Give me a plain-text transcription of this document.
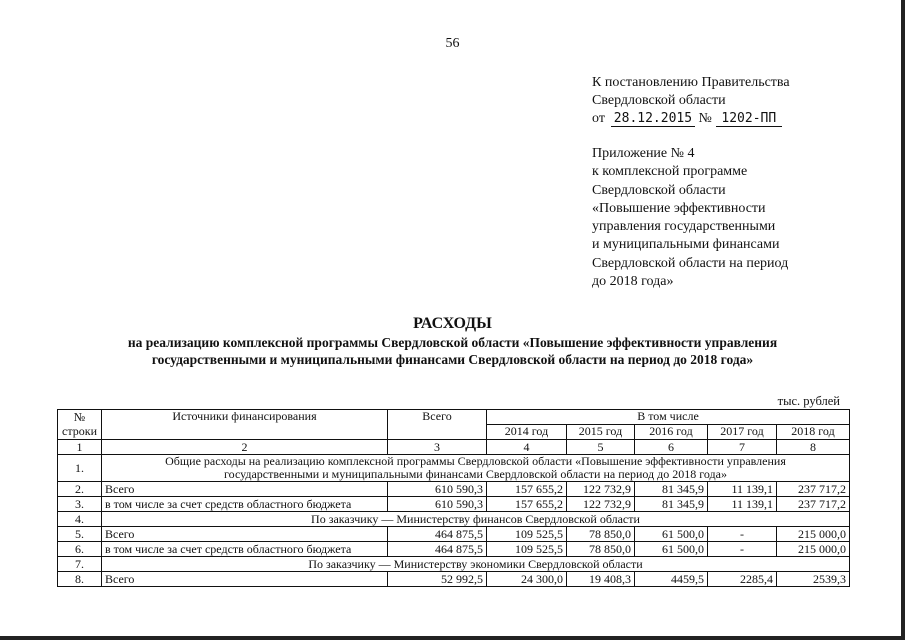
56
К постановлению Правительства
Свердловской области
от 28.12.2015 № 1202-ПП
Приложение № 4
к комплексной программе
Свердловской области
«Повышение эффективности
управления государственными
и муниципальными финансами
Свердловской области на период
до 2018 года»
РАСХОДЫ
на реализацию комплексной программы Свердловской области «Повышение эффективности управления
государственными и муниципальными финансами Свердловской области на период до 2018 года»
тыс. рублей
№ строки	Источники финансирования	Всего	В том числе				
			2014 год	2015 год	2016 год	2017 год	2018 год
1	2	3	4	5	6	7	8
1.	Общие расходы на реализацию комплексной программы Свердловской области «Повышение эффективности управления
государственными и муниципальными финансами Свердловской области на период до 2018 года»						

2.	Всего	610 590,3	157 655,2	122 732,9	81 345,9	11 139,1	237 717,2
3.	в том числе за счет средств областного бюджета	610 590,3	157 655,2	122 732,9	81 345,9	11 139,1	237 717,2
4.	По заказчику — Министерству финансов Свердловской области						

5.	Всего	464 875,5	109 525,5	78 850,0	61 500,0	-	215 000,0
6.	в том числе за счет средств областного бюджета	464 875,5	109 525,5	78 850,0	61 500,0	-	215 000,0
7.	По заказчику — Министерству экономики Свердловской области						

8.	Всего	52 992,5	24 300,0	19 408,3	4459,5	2285,4	2539,3
